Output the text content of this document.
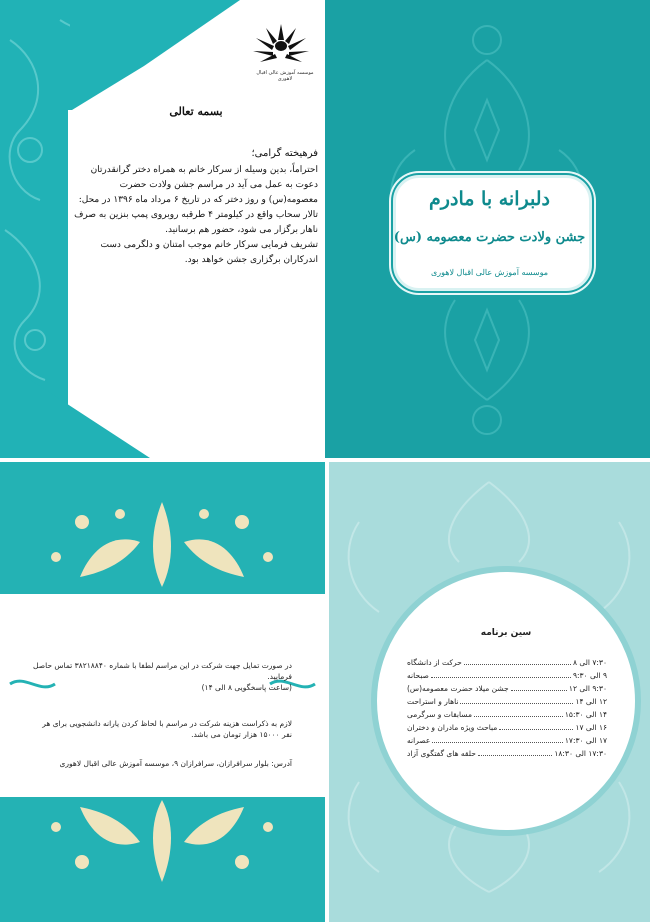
موسسه آموزش عالی اقبال لاهوری
بسمه تعالی
فرهیخته گرامی؛

احتراماً، بدین وسیله از سرکار خانم به همراه دختر گرانقدرتان دعوت به عمل می آید در مراسم جشن ولادت حضرت معصومه(س) و روز دختر که در تاریخ ۶ مرداد ماه ۱۳۹۶ در محل: تالار سحاب واقع در کیلومتر ۴ طرقبه روبروی پمپ بنزین به صرف ناهار برگزار می شود، حضور هم برسانید.

تشریف فرمایی سرکار خانم موجب امتنان و دلگرمی دست اندرکاران برگزاری جشن خواهد بود.

دلبرانه با مادرم
جشن ولادت حضرت معصومه (س)
موسسه آموزش عالی اقبال لاهوری

در صورت تمایل جهت شرکت در این مراسم لطفا با شماره ۳۸۲۱۸۸۴۰ تماس حاصل فرمایید.

(ساعت پاسخگویی ۸ الی ۱۴)

لازم به ذکراست هزینه شرکت در مراسم با لحاظ کردن یارانه دانشجویی برای هر نفر ۱۵۰۰۰ هزار تومان می باشد.

آدرس: بلوار سرافرازان، سرافرازان ۹، موسسه آموزش عالی اقبال لاهوری

سین برنامه
۷:۳۰ الی ۸
حرکت از دانشگاه
۹ الی ۹:۳۰
صبحانه
۹:۳۰ الی ۱۲
جشن میلاد حضرت معصومه(س)
۱۲ الی ۱۴
ناهار و استراحت
۱۴ الی ۱۵:۳۰
مسابقات و سرگرمی
۱۶ الی ۱۷
مباحث ویژه مادران و دختران
۱۷ الی ۱۷:۳۰
عصرانه
۱۷:۳۰ الی ۱۸:۳۰
حلقه های گفتگوی آزاد
